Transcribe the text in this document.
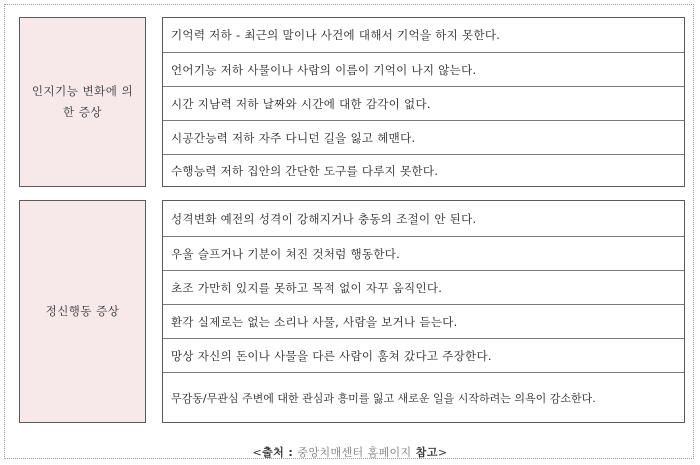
인지기능 변화에 의한 증상
기억력 저하 - 최근의 말이나 사건에 대해서 기억을 하지 못한다.
언어기능 저하 사물이나 사람의 이름이 기억이 나지 않는다.
시간 지남력 저하 날짜와 시간에 대한 감각이 없다.
시공간능력 저하 자주 다니던 길을 잃고 헤맨다.
수행능력 저하 집안의 간단한 도구를 다루지 못한다.
정신행동 증상
성격변화 예전의 성격이 강해지거나 충동의 조절이 안 된다.
우울 슬프거나 기분이 쳐진 것처럼 행동한다.
초조 가만히 있지를 못하고 목적 없이 자꾸 움직인다.
환각 실제로는 없는 소리나 사물, 사람을 보거나 듣는다.
망상 자신의 돈이나 사물을 다른 사람이 훔쳐 갔다고 주장한다.
무감동/무관심 주변에 대한 관심과 흥미를 잃고 새로운 일을 시작하려는 의욕이 감소한다.
<출처 : 중앙치매센터 홈페이지 참고>
